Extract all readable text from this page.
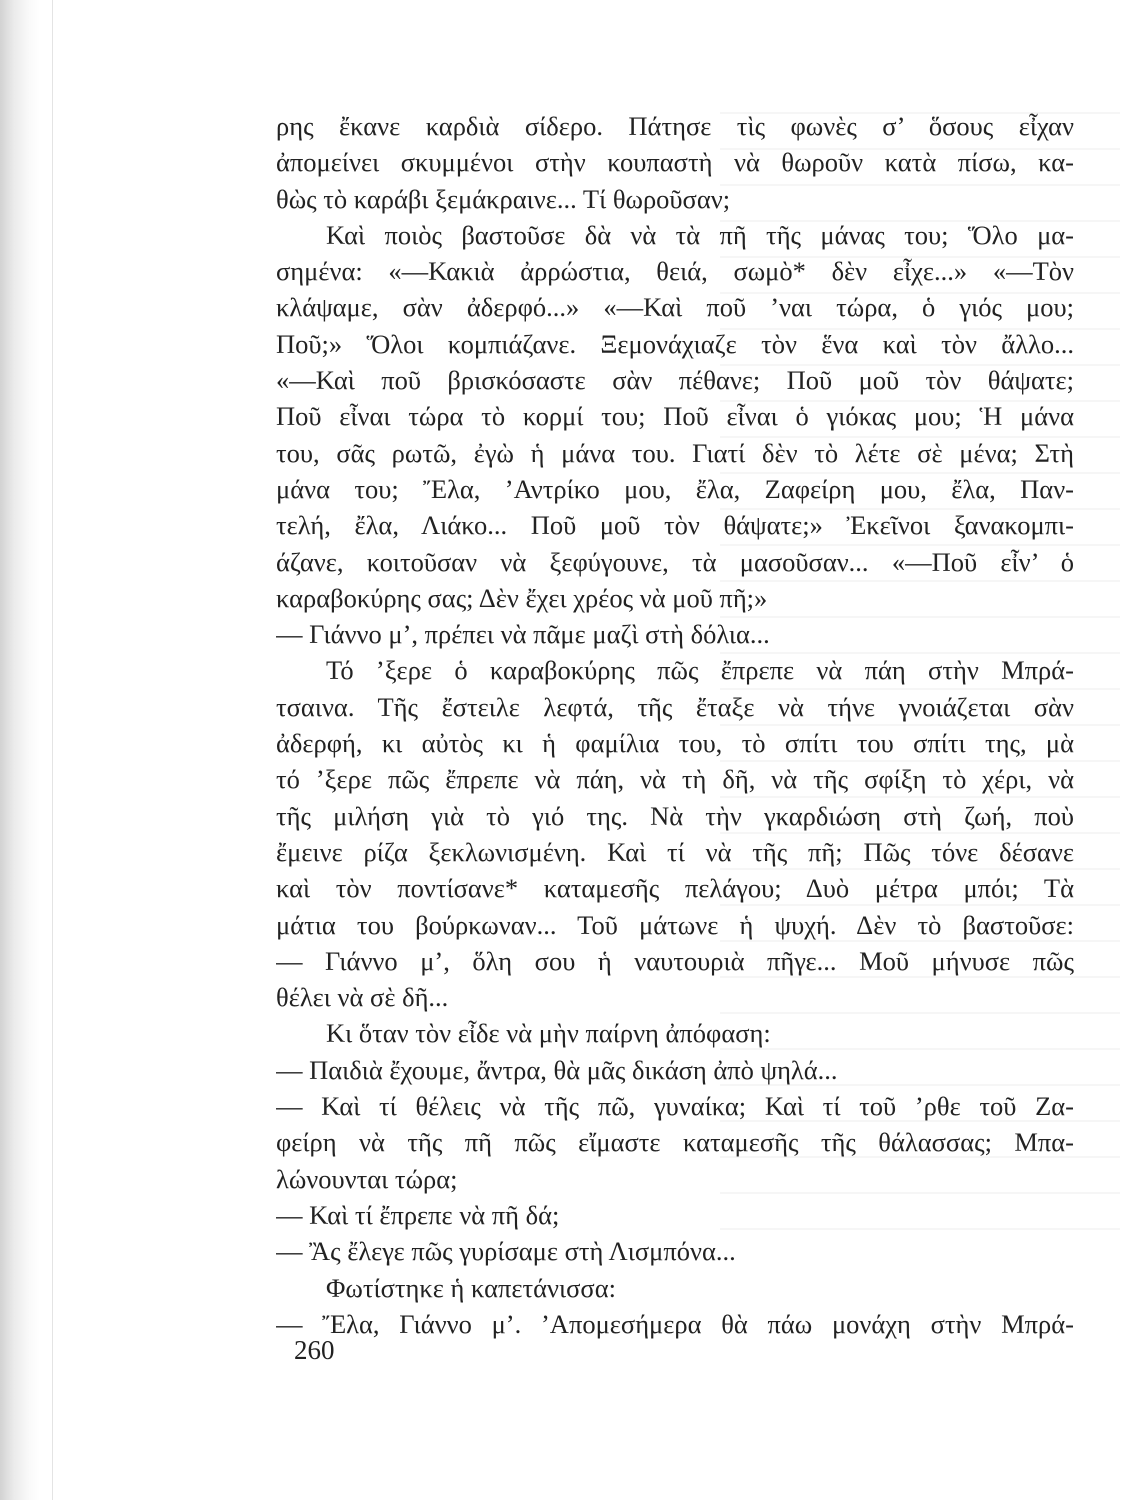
ρης ἔκανε καρδιὰ σίδερο. Πάτησε τὶς φωνὲς σ’ ὅσους εἶχαν
ἀπομείνει σκυμμένοι στὴν κουπαστὴ νὰ θωροῦν κατὰ πίσω, κα-
θὼς τὸ καράβι ξεμάκραινε... Τί θωροῦσαν;
Καὶ ποιὸς βαστοῦσε δὰ νὰ τὰ πῆ τῆς μάνας του; Ὅλο μα-
σημένα: «—Κακιὰ ἀρρώστια, θειά, σωμὸ* δὲν εἶχε...» «—Τὸν
κλάψαμε, σὰν ἀδερφό...» «—Καὶ ποῦ ’ναι τώρα, ὁ γιός μου;
Ποῦ;» Ὅλοι κομπιάζανε. Ξεμονάχιαζε τὸν ἕνα καὶ τὸν ἄλλο...
«—Καὶ ποῦ βρισκόσαστε σὰν πέθανε; Ποῦ μοῦ τὸν θάψατε;
Ποῦ εἶναι τώρα τὸ κορμί του; Ποῦ εἶναι ὁ γιόκας μου; Ἡ μάνα
του, σᾶς ρωτῶ, ἐγὼ ἡ μάνα του. Γιατί δὲν τὸ λέτε σὲ μένα; Στὴ
μάνα του; Ἔλα, ’Αντρίκο μου, ἔλα, Ζαφείρη μου, ἔλα, Παν-
τελή, ἔλα, Λιάκο... Ποῦ μοῦ τὸν θάψατε;» Ἐκεῖνοι ξανακομπι-
άζανε, κοιτοῦσαν νὰ ξεφύγουνε, τὰ μασοῦσαν... «—Ποῦ εἶν’ ὁ
καραβοκύρης σας; Δὲν ἔχει χρέος νὰ μοῦ πῆ;»
— Γιάννο μ’, πρέπει νὰ πᾶμε μαζὶ στὴ δόλια...
Τό ’ξερε ὁ καραβοκύρης πῶς ἔπρεπε νὰ πάη στὴν Μπρά-
τσαινα. Τῆς ἔστειλε λεφτά, τῆς ἔταξε νὰ τήνε γνοιάζεται σὰν
ἀδερφή, κι αὐτὸς κι ἡ φαμίλια του, τὸ σπίτι του σπίτι της, μὰ
τό ’ξερε πῶς ἔπρεπε νὰ πάη, νὰ τὴ δῆ, νὰ τῆς σφίξη τὸ χέρι, νὰ
τῆς μιλήση γιὰ τὸ γιό της. Νὰ τὴν γκαρδιώση στὴ ζωή, ποὺ
ἔμεινε ρίζα ξεκλωνισμένη. Καὶ τί νὰ τῆς πῆ; Πῶς τόνε δέσανε
καὶ τὸν ποντίσανε* καταμεσῆς πελάγου; Δυὸ μέτρα μπόι; Τὰ
μάτια του βούρκωναν... Τοῦ μάτωνε ἡ ψυχή. Δὲν τὸ βαστοῦσε:
— Γιάννο μ’, ὅλη σου ἡ ναυτουριὰ πῆγε... Μοῦ μήνυσε πῶς
θέλει νὰ σὲ δῆ...
Κι ὅταν τὸν εἶδε νὰ μὴν παίρνη ἀπόφαση:
— Παιδιὰ ἔχουμε, ἄντρα, θὰ μᾶς δικάση ἀπὸ ψηλά...
— Καὶ τί θέλεις νὰ τῆς πῶ, γυναίκα; Καὶ τί τοῦ ’ρθε τοῦ Ζα-
φείρη νὰ τῆς πῆ πῶς εἴμαστε καταμεσῆς τῆς θάλασσας; Μπα-
λώνουνται τώρα;
— Καὶ τί ἔπρεπε νὰ πῆ δά;
— Ἂς ἔλεγε πῶς γυρίσαμε στὴ Λισμπόνα...
Φωτίστηκε ἡ καπετάνισσα:
— Ἔλα, Γιάννο μ’. ’Απομεσήμερα θὰ πάω μονάχη στὴν Μπρά-
260
